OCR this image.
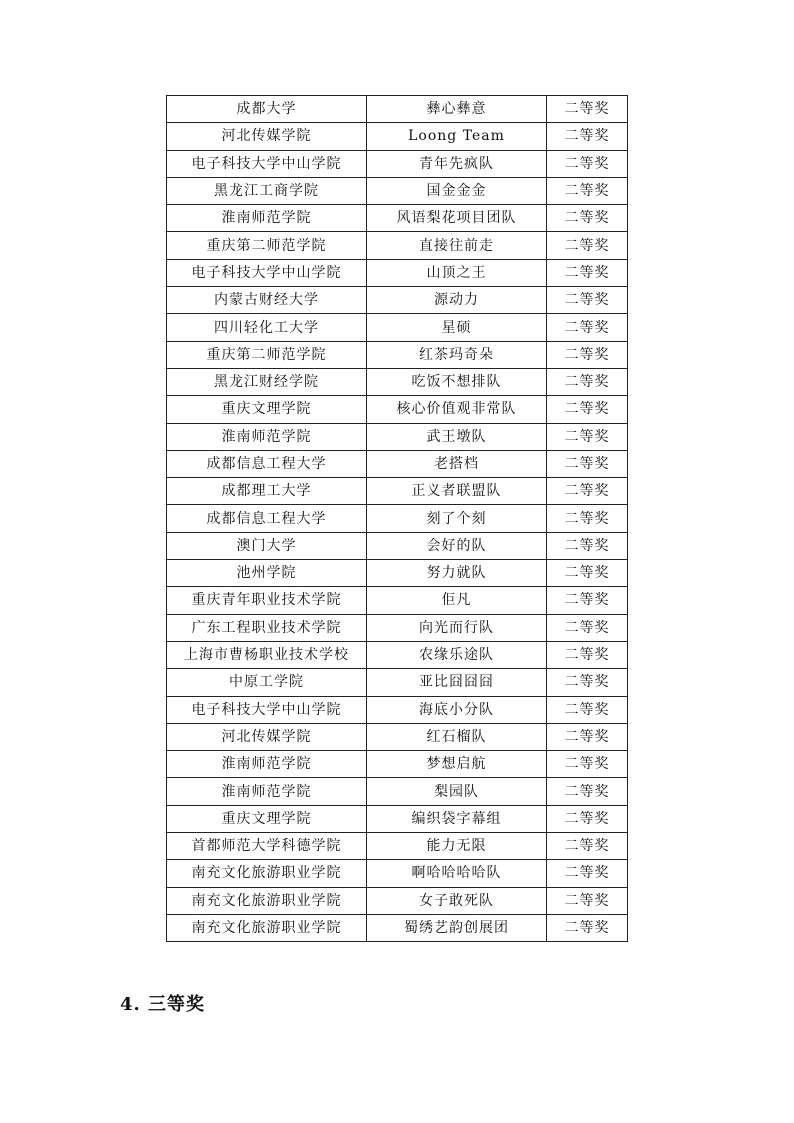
成都大学	彝心彝意	二等奖
河北传媒学院	Loong Team	二等奖
电子科技大学中山学院	青年先疯队	二等奖
黑龙江工商学院	国金金金	二等奖
淮南师范学院	风语梨花项目团队	二等奖
重庆第二师范学院	直接往前走	二等奖
电子科技大学中山学院	山顶之王	二等奖
内蒙古财经大学	源动力	二等奖
四川轻化工大学	星硕	二等奖
重庆第二师范学院	红茶玛奇朵	二等奖
黑龙江财经学院	吃饭不想排队	二等奖
重庆文理学院	核心价值观非常队	二等奖
淮南师范学院	武王墩队	二等奖
成都信息工程大学	老搭档	二等奖
成都理工大学	正义者联盟队	二等奖
成都信息工程大学	刻了个刻	二等奖
澳门大学	会好的队	二等奖
池州学院	努力就队	二等奖
重庆青年职业技术学院	佢凡	二等奖
广东工程职业技术学院	向光而行队	二等奖
上海市曹杨职业技术学校	农缘乐途队	二等奖
中原工学院	亚比囧囧囧	二等奖
电子科技大学中山学院	海底小分队	二等奖
河北传媒学院	红石榴队	二等奖
淮南师范学院	梦想启航	二等奖
淮南师范学院	梨园队	二等奖
重庆文理学院	编织袋字幕组	二等奖
首都师范大学科德学院	能力无限	二等奖
南充文化旅游职业学院	啊哈哈哈哈队	二等奖
南充文化旅游职业学院	女子敢死队	二等奖
南充文化旅游职业学院	蜀绣艺韵创展团	二等奖
4. 三等奖
